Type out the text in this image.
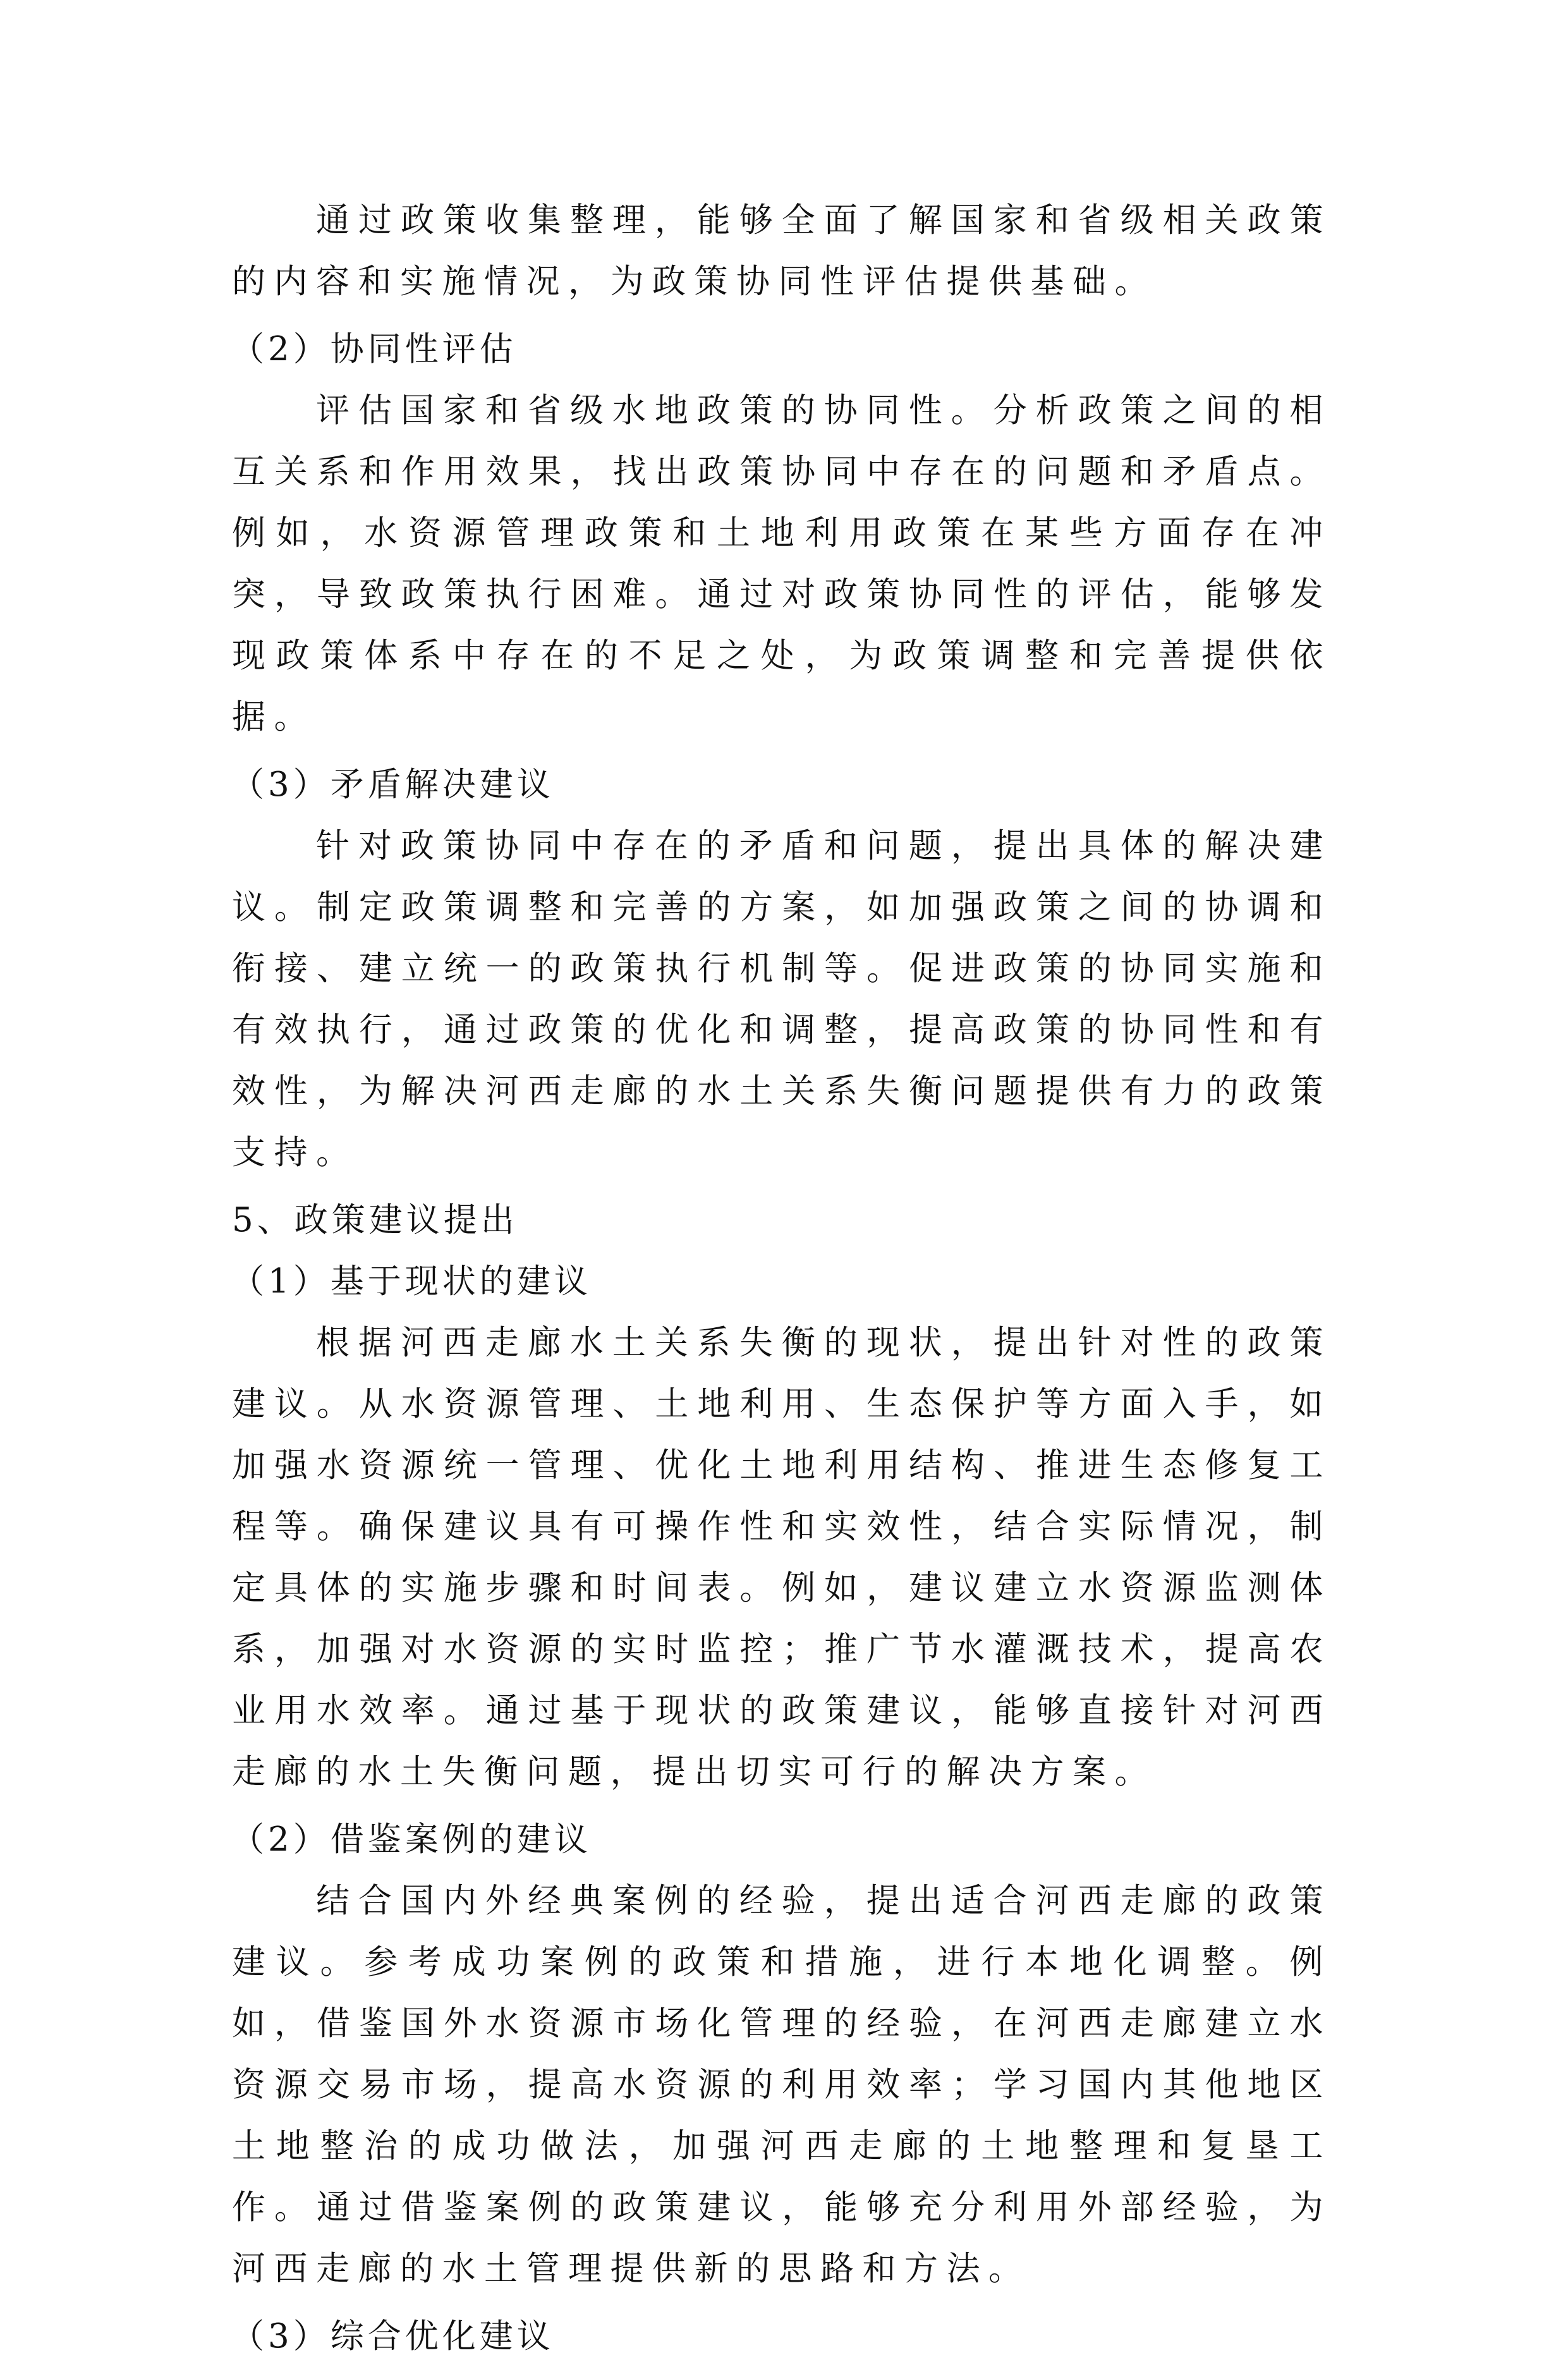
通过政策收集整理，能够全面了解国家和省级相关政策的内容和实施情况，为政策协同性评估提供基础。

（2）协同性评估

评估国家和省级水地政策的协同性。分析政策之间的相互关系和作用效果，找出政策协同中存在的问题和矛盾点。例如，水资源管理政策和土地利用政策在某些方面存在冲突，导致政策执行困难。通过对政策协同性的评估，能够发现政策体系中存在的不足之处，为政策调整和完善提供依据。

（3）矛盾解决建议

针对政策协同中存在的矛盾和问题，提出具体的解决建议。制定政策调整和完善的方案，如加强政策之间的协调和衔接、建立统一的政策执行机制等。促进政策的协同实施和有效执行，通过政策的优化和调整，提高政策的协同性和有效性，为解决河西走廊的水土关系失衡问题提供有力的政策支持。

5、政策建议提出

（1）基于现状的建议

根据河西走廊水土关系失衡的现状，提出针对性的政策建议。从水资源管理、土地利用、生态保护等方面入手，如加强水资源统一管理、优化土地利用结构、推进生态修复工程等。确保建议具有可操作性和实效性，结合实际情况，制定具体的实施步骤和时间表。例如，建议建立水资源监测体系，加强对水资源的实时监控；推广节水灌溉技术，提高农业用水效率。通过基于现状的政策建议，能够直接针对河西走廊的水土失衡问题，提出切实可行的解决方案。

（2）借鉴案例的建议

结合国内外经典案例的经验，提出适合河西走廊的政策建议。参考成功案例的政策和措施，进行本地化调整。例如，借鉴国外水资源市场化管理的经验，在河西走廊建立水资源交易市场，提高水资源的利用效率；学习国内其他地区土地整治的成功做法，加强河西走廊的土地整理和复垦工作。通过借鉴案例的政策建议，能够充分利用外部经验，为河西走廊的水土管理提供新的思路和方法。

（3）综合优化建议
